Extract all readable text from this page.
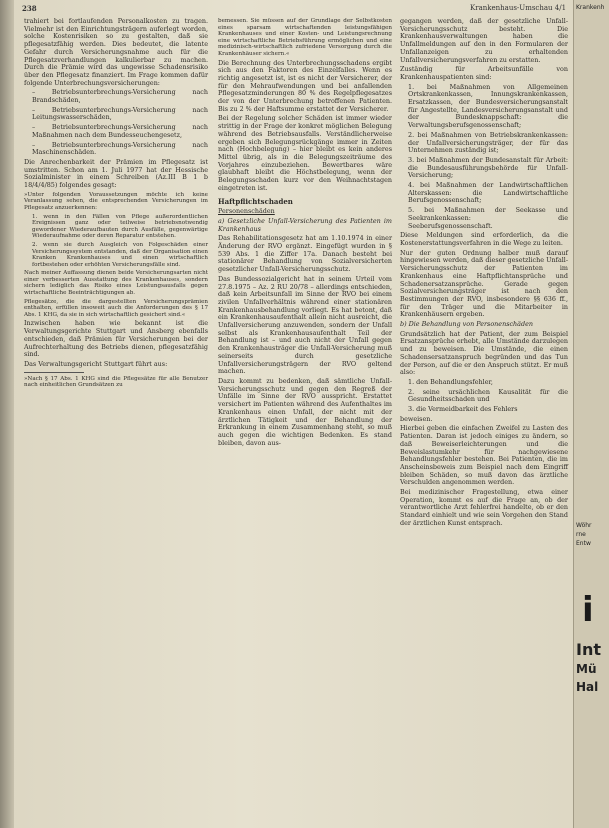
238	Krankenhaus-Umschau 4/1

trahiert bei fortlaufenden Personalkosten zu tragen. Vielmehr ist den Einrichtungsträgern auferlegt worden, solche Kostenrisiken so zu gestalten, daß sie pflegesatzfähig werden. Dies bedeutet, die latente Gefahr durch Versicherungsnahme auch für die Pflegesatzverhandlungen kalkulierbar zu machen. Durch die Prämie wird das ungewisse Schadensrisiko über den Pflegesatz finanziert. Im Frage kommen dafür folgende Unterbrechungsversicherungen:

– Betriebsunterbrechungs-Versicherung nach Brandschäden,

– Betriebsunterbrechungs-Versicherung nach Leitungswasserschäden,

– Betriebsunterbrechungs-Versicherung nach Maßnahmen nach dem Bundesseuchengesetz,

– Betriebsunterbrechungs-Versicherung nach Maschinenschäden.

Die Anrechenbarkeit der Prämien im Pflegesatz ist umstritten. Schon am 1. Juli 1977 hat der Hessische Sozialminister in einem Schreiben (Az.III B 1 b 18/4/4/85) folgendes gesagt:

»Unter folgenden Voraussetzungen möchte ich keine Veranlassung sehen, die entsprechenden Versicherungen im Pflegesatz anzuerkennen:

1. wenn in den Fällen von Pflege außerordentlichen Ereignissen ganz oder teilweise betriebsnotwendig gewordener Wiederaufbauten durch Ausfälle, gegenwärtige Wiederaufnahme oder deren Reparatur entstehen.

2. wenn sie durch Ausgleich von Folgeschäden einer Versicherungssystem entstanden, daß der Organisation einen Kranken Krankenhauses und einen wirtschaftlich fortbestehen oder erhöhten Versicherungsfälle sind.

Nach meiner Auffassung dienen beide Versicherungsarten nicht einer verbesserten Ausstattung des Krankenhauses, sondern sichern lediglich das Risiko eines Leistungsausfalls gegen wirtschaftliche Beeinträchtigungen ab.

Pflegesätze, die die dargestellten Versicherungsprämien enthalten, erfüllen insoweit auch die Anforderungen des § 17 Abs. 1 KHG, da sie in sich wirtschaftlich gesichert sind.«

Inzwischen haben wie bekannt ist die Verwaltungsgerichte Stuttgart und Ansberg ebenfalls entschieden, daß Prämien für Versicherungen bei der Aufrechterhaltung des Betriebs dienen, pflegesatzfähig sind.

Das Verwaltungsgericht Stuttgart führt aus:

»Nach § 17 Abs. 1 KHG sind die Pflegesätze für alle Benutzer nach einheitlichen Grundsätzen zu

bemessen. Sie müssen auf der Grundlage der Selbstkosten eines sparsam wirtschaftenden leistungsfähigen Krankenhauses und einer Kosten- und Leistungsrechnung eine wirtschaftliche Betriebsführung ermöglichen und eine medizinisch-wirtschaftlich zufriedene Versorgung durch die Krankenhäuser sichern.«

Die Berechnung des Unterbrechungsschadens ergibt sich aus den Faktoren des Einzelfalles. Wenn es richtig angesetzt ist, ist es nicht der Versicherer, der für den Mehraufwendungen und bei anfallenden Pflegesatzminderungen 80 % des Regelpflegesatzes der von der Unterbrechung betroffenen Patienten. Bis zu 2 % der Haftsumme erstattet der Versicherer.

Bei der Regelung solcher Schäden ist immer wieder strittig in der Frage der konkret möglichen Belegung während des Betriebsausfalls. Verständlicherweise ergeben sich Belegungsrückgänge immer in Zeiten nach (Hochbelegung) – hier bleibt es kein anderes Mittel übrig, als in die Belegungszeiträume des Vorjahres einzubeziehen. Bewertbares wäre glaubhaft bleibt die Höchstbelegung, wenn der Belegungsschaden kurz vor den Weihnachtstagen eingetreten ist.

Haftpflichtschaden

Personenschäden

a) Gesetzliche Unfall-Versicherung des Patienten im Krankenhaus

Das Rehabilitationsgesetz hat am 1.10.1974 in einer Änderung der RVO ergänzt. Eingefügt wurden in § 539 Abs. 1 die Ziffer 17a. Danach besteht bei stationärer Behandlung von Sozialversicherten gesetzlicher Unfall-Versicherungsschutz.

Das Bundessozialgericht hat in seinem Urteil vom 27.8.1975 – Az. 2 RU 20/78 – allerdings entschieden, daß kein Arbeitsunfall im Sinne der RVO bei einem zivilen Unfallverhältnis während einer stationären Krankenhausbehandlung vorliegt. Es hat betont, daß ein Krankenhausaufenthalt allein nicht ausreicht, die Unfallversicherung anzuwenden, sondern der Unfall selbst als Krankenhausaufenthalt Teil der Behandlung ist – und auch nicht der Unfall gegen den Krankenhausträger die Unfall-Versicherung muß seinerseits durch gesetzliche Unfallversicherungsträgern der RVO geltend machen.

Dazu kommt zu bedenken, daß sämtliche Unfall-Versicherungsschutz und gegen den Regreß der Unfälle im Sinne der RVO ausspricht. Erstattet versichert im Patienten während des Aufenthaltes im Krankenhaus einen Unfall, der nicht mit der ärztlichen Tätigkeit und der Behandlung der Erkrankung in einem Zusammenhang steht, so muß auch gegen die wichtigen Bedenken. Es stand bleiben, davon aus-

gegangen werden, daß der gesetzliche Unfall-Versicherungsschutz besteht. Die Krankenhausverwaltungen haben die Unfallmeldungen auf den in den Formularen der Unfallanzeigen zu erhaltenden Unfallversicherungsverfahren zu erstatten.

Zuständig für Arbeitsunfälle von Krankenhauspatienten sind:

1. bei Maßnahmen von Allgemeinen Ortskrankenkassen, Innungskrankenkassen, Ersatzkassen, der Bundesversicherungsanstalt für Angestellte, Landesversicherungsanstalt und der Bundesknappschaft: die Verwaltungsberufsgenossenschaft;

2. bei Maßnahmen von Betriebskrankenkassen: der Unfallversicherungsträger, der für das Unternehmen zuständig ist;

3. bei Maßnahmen der Bundesanstalt für Arbeit: die Bundesausführungsbehörde für Unfall-Versicherung;

4. bei Maßnahmen der Landwirtschaftlichen Alterskassen: die Landwirtschaftliche Berufsgenossenschaft;

5. bei Maßnahmen der Seekasse und Seekrankenkassen: die Seeberufsgenossenschaft.

Diese Meldungen sind erforderlich, da die Kostenerstattungsverfahren in die Wege zu leiten.

Nur der guten Ordnung halber muß darauf hingewiesen werden, daß dieser gesetzliche Unfall-Versicherungsschutz der Patienten im Krankenhaus eine Haftpflichtansprüche und Schadenersatzansprüche. Gerade gegen Sozialversicherungsträger ist nach den Bestimmungen der RVO, insbesondere §§ 636 ff., für den Träger und die Mitarbeiter in Krankenhäusern ergeben.

b) Die Behandlung von Personenschäden

Grundsätzlich hat der Patient, der zum Beispiel Ersatzansprüche erhebt, alle Umstände darzulegen und zu beweisen. Die Umstände, die einen Schadensersatzanspruch begründen und das Tun der Person, auf die er den Anspruch stützt. Er muß also:

1. den Behandlungsfehler,

2. seine ursächlichen Kausalität für die Gesundheitsschaden und

3. die Vermeidbarkeit des Fehlers

beweisen.

Hierbei geben die einfachen Zweifel zu Lasten des Patienten. Daran ist jedoch einiges zu ändern, so daß Beweiserleichterungen und die Beweislastumkehr für nachgewiesene Behandlungsfehler bestehen. Bei Patienten, die im Anscheinsbeweis zum Beispiel nach dem Eingriff bleiben Schäden, so muß davon das ärztliche Verschulden angenommen werden.

Bei medizinischer Fragestellung, etwa einer Operation, kommt es auf die Frage an, ob der verantwortliche Arzt fehlerfrei handelte, ob er den Standard einhielt und wie sein Vorgehen den Stand der ärztlichen Kunst entsprach.

Krankenh
Wöhr
rne
Entw
i
Int
Mü
Hal
